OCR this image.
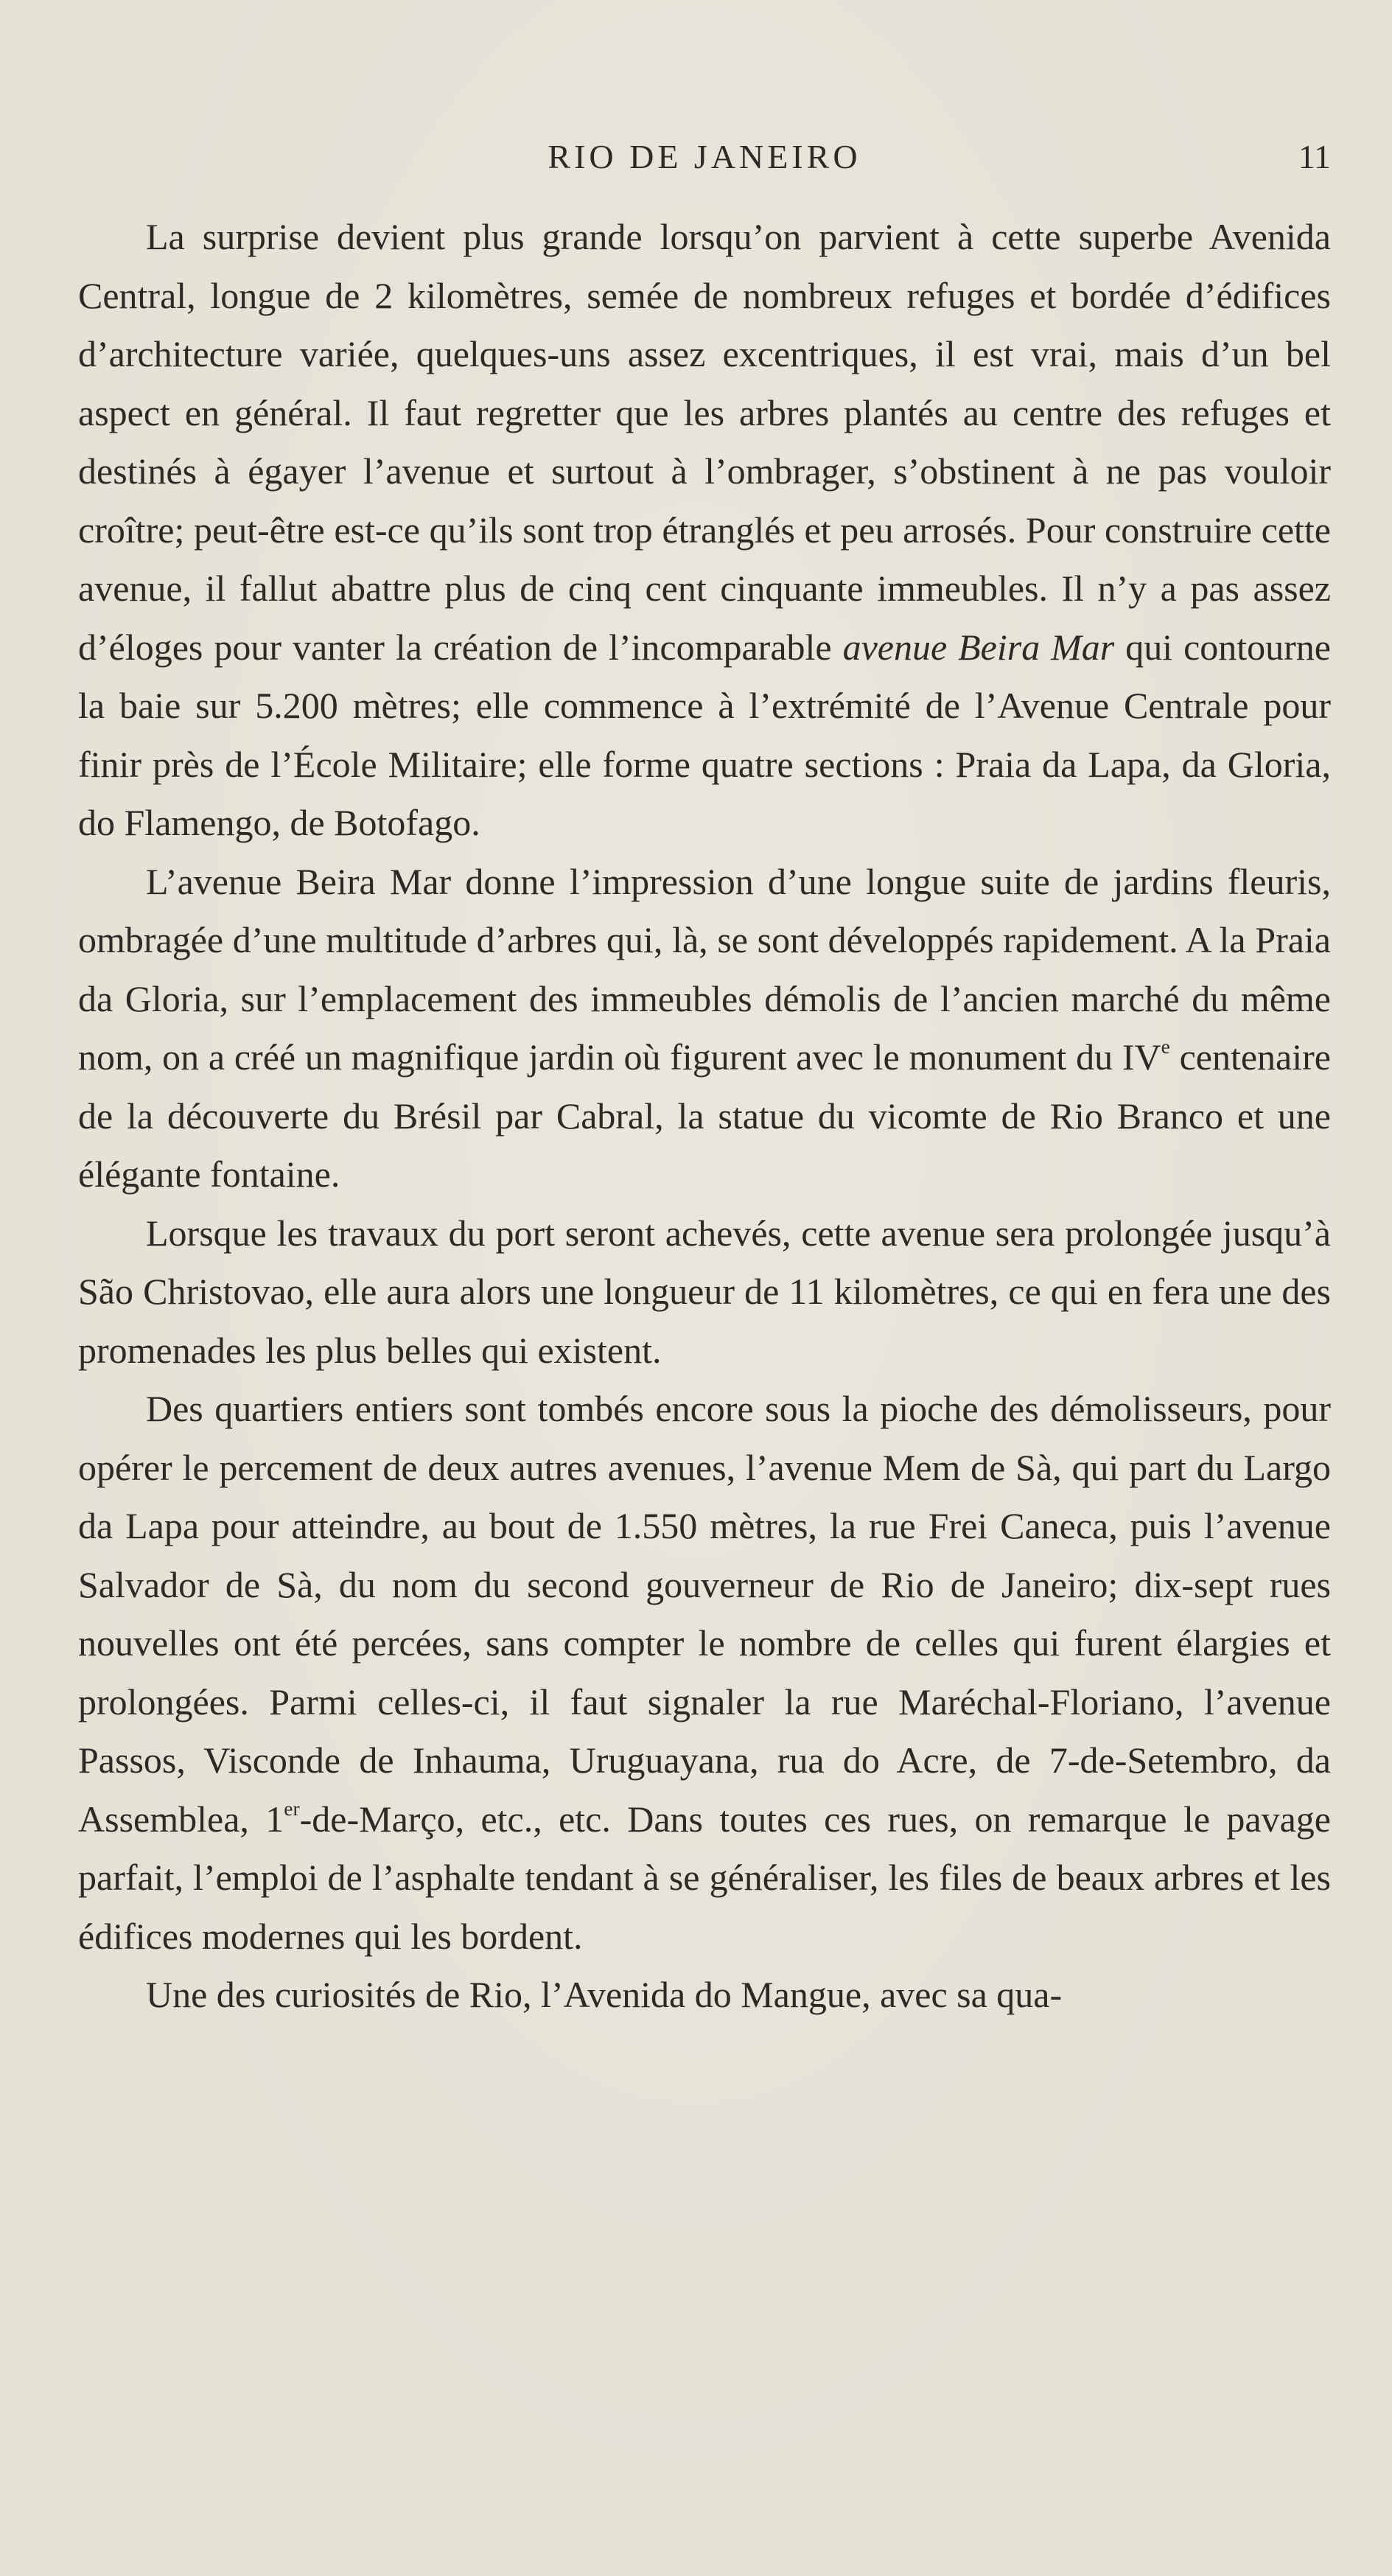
RIO DE JANEIRO	11

La surprise devient plus grande lorsqu’on parvient à cette superbe Avenida Central, longue de 2 kilomètres, semée de nombreux refuges et bordée d’édifices d’architecture variée, quelques-uns assez excentriques, il est vrai, mais d’un bel aspect en général. Il faut regretter que les arbres plantés au centre des refuges et destinés à égayer l’avenue et surtout à l’ombrager, s’obstinent à ne pas vouloir croître; peut-être est-ce qu’ils sont trop étranglés et peu arrosés. Pour construire cette avenue, il fallut abattre plus de cinq cent cinquante immeubles. Il n’y a pas assez d’éloges pour vanter la création de l’incomparable avenue Beira Mar qui contourne la baie sur 5.200 mètres; elle commence à l’extrémité de l’Avenue Centrale pour finir près de l’École Militaire; elle forme quatre sections : Praia da Lapa, da Gloria, do Flamengo, de Botofago.

L’avenue Beira Mar donne l’impression d’une longue suite de jardins fleuris, ombragée d’une multitude d’arbres qui, là, se sont développés rapidement. A la Praia da Gloria, sur l’emplacement des immeubles démolis de l’ancien marché du même nom, on a créé un magnifique jardin où figurent avec le monument du IVe centenaire de la découverte du Brésil par Cabral, la statue du vicomte de Rio Branco et une élégante fontaine.

Lorsque les travaux du port seront achevés, cette avenue sera prolongée jusqu’à São Christovao, elle aura alors une longueur de 11 kilomètres, ce qui en fera une des promenades les plus belles qui existent.

Des quartiers entiers sont tombés encore sous la pioche des démolisseurs, pour opérer le percement de deux autres avenues, l’avenue Mem de Sà, qui part du Largo da Lapa pour atteindre, au bout de 1.550 mètres, la rue Frei Caneca, puis l’avenue Salvador de Sà, du nom du second gouverneur de Rio de Janeiro; dix-sept rues nouvelles ont été percées, sans compter le nombre de celles qui furent élargies et prolongées. Parmi celles-ci, il faut signaler la rue Maréchal-Floriano, l’avenue Passos, Visconde de Inhauma, Uruguayana, rua do Acre, de 7-de-Setembro, da Assemblea, 1er-de-Março, etc., etc. Dans toutes ces rues, on remarque le pavage parfait, l’emploi de l’asphalte tendant à se généraliser, les files de beaux arbres et les édifices modernes qui les bordent.

Une des curiosités de Rio, l’Avenida do Mangue, avec sa qua-
